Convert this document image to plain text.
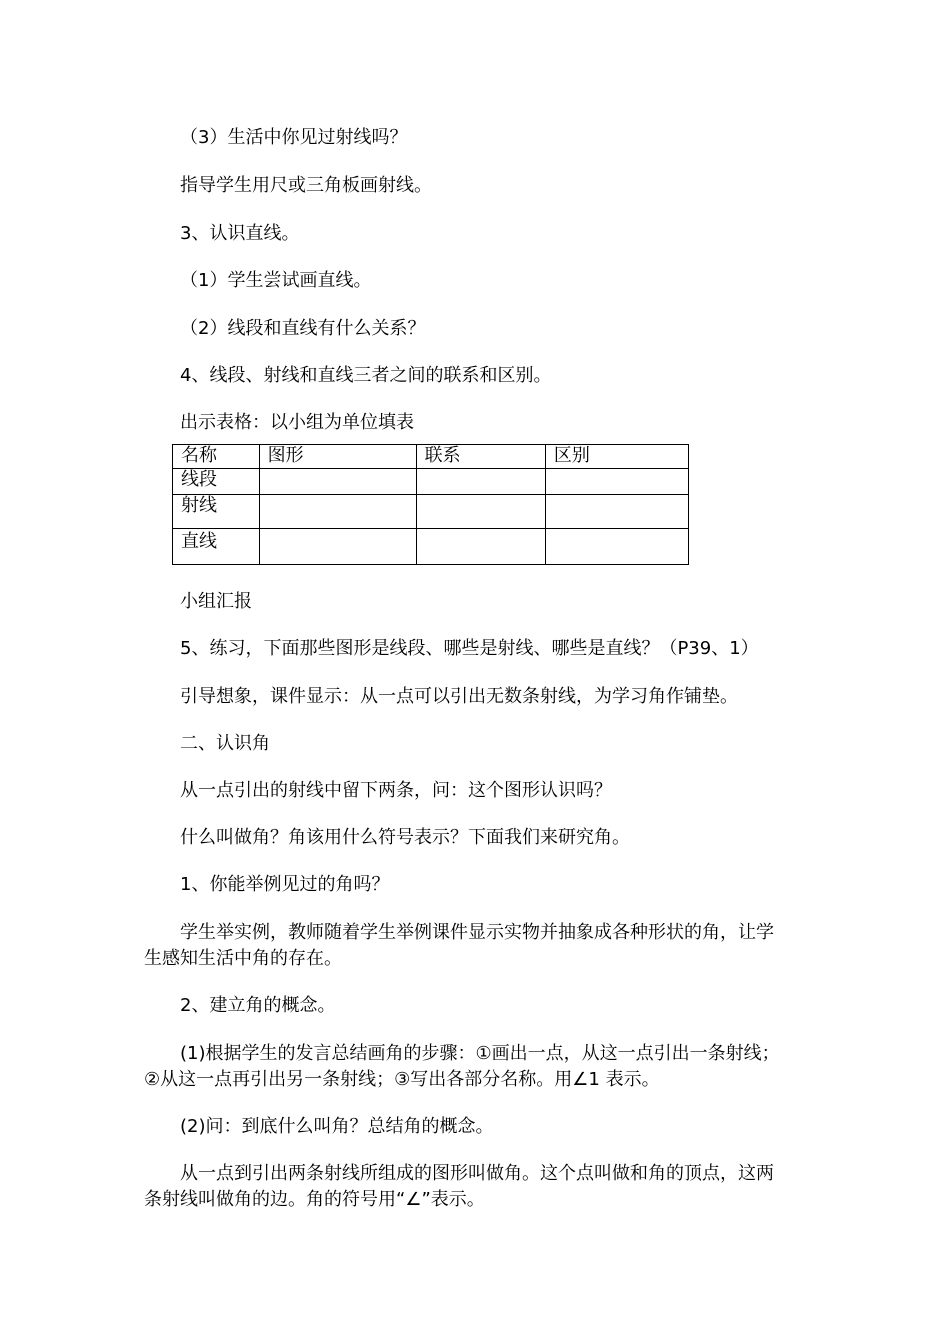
（3）生活中你见过射线吗？
指导学生用尺或三角板画射线。
3、认识直线。
（1）学生尝试画直线。
（2）线段和直线有什么关系？
4、线段、射线和直线三者之间的联系和区别。
出示表格：以小组为单位填表
名称	图形	联系	区别
线段			
射线			
直线			
小组汇报
5、练习，下面那些图形是线段、哪些是射线、哪些是直线？（P39、1）
引导想象，课件显示：从一点可以引出无数条射线，为学习角作铺垫。
二、认识角
从一点引出的射线中留下两条，问：这个图形认识吗？
什么叫做角？角该用什么符号表示？下面我们来研究角。
1、你能举例见过的角吗？
学生举实例，教师随着学生举例课件显示实物并抽象成各种形状的角，让学
生感知生活中角的存在。
2、建立角的概念。
(1)根据学生的发言总结画角的步骤：①画出一点，从这一点引出一条射线；
②从这一点再引出另一条射线；③写出各部分名称。用∠1 表示。
(2)问：到底什么叫角？总结角的概念。
从一点到引出两条射线所组成的图形叫做角。这个点叫做和角的顶点，这两
条射线叫做角的边。角的符号用“∠”表示。
